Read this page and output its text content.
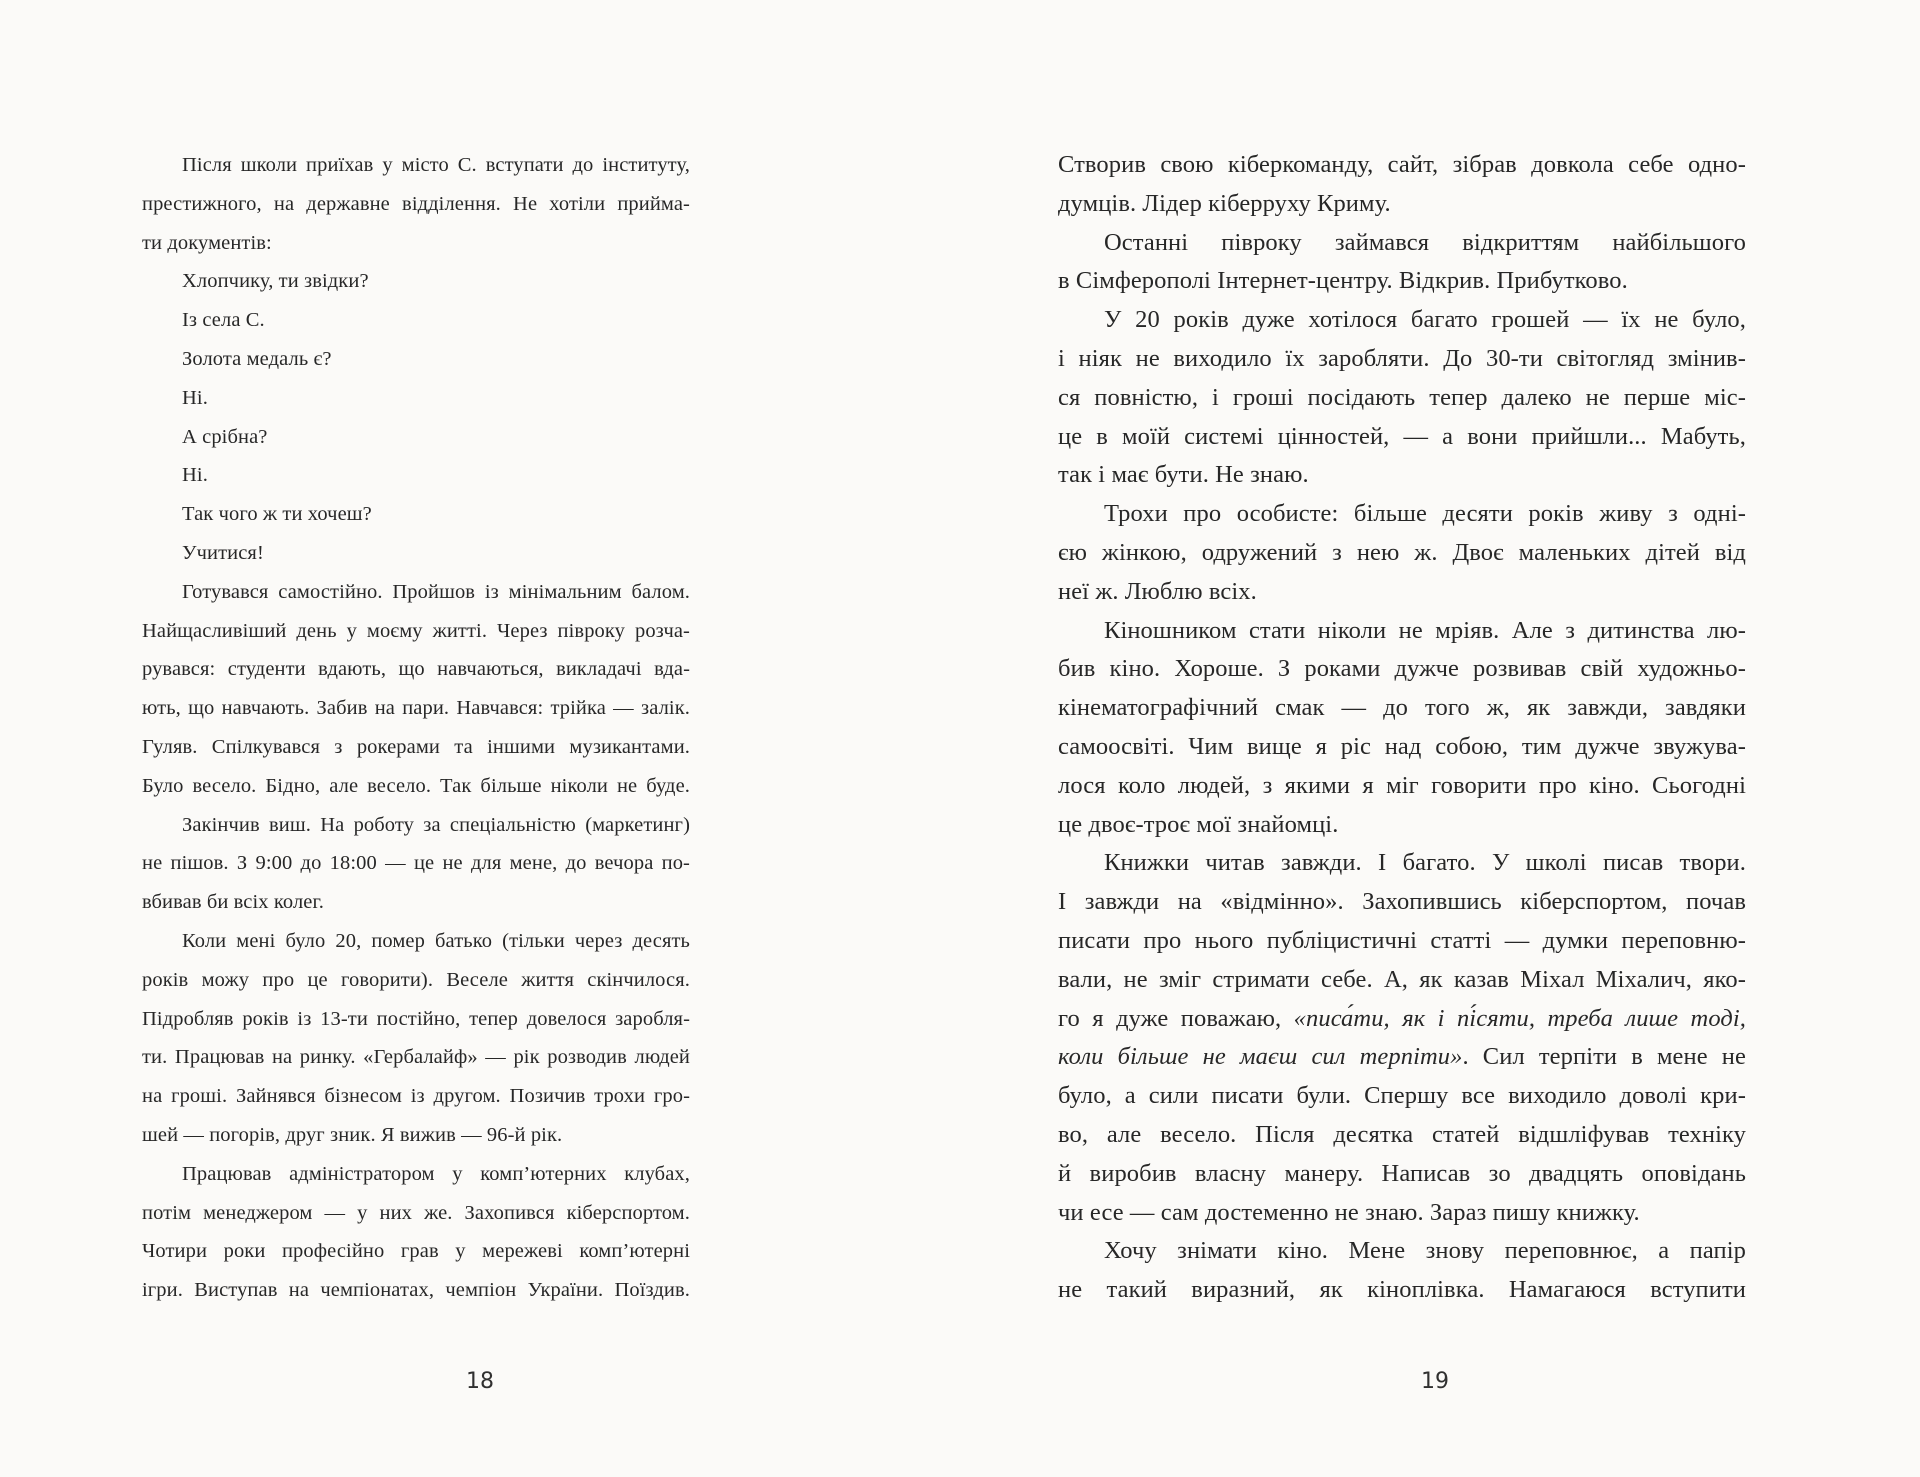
Після школи приїхав у місто С. вступати до інституту,
престижного, на державне відділення. Не хотіли прийма-
ти документів:
Хлопчику, ти звідки?
Із села С.
Золота медаль є?
Ні.
А срібна?
Ні.
Так чого ж ти хочеш?
Учитися!
Готувався самостійно. Пройшов із мінімальним балом.
Найщасливіший день у моєму житті. Через півроку розча-
рувався: студенти вдають, що навчаються, викладачі вда-
ють, що навчають. Забив на пари. Навчався: трійка — залік.
Гуляв. Спілкувався з рокерами та іншими музикантами.
Було весело. Бідно, але весело. Так більше ніколи не буде.
Закінчив виш. На роботу за спеціальністю (маркетинг)
не пішов. З 9:00 до 18:00 — це не для мене, до вечора по-
вбивав би всіх колег.
Коли мені було 20, помер батько (тільки через десять
років можу про це говорити). Веселе життя скінчилося.
Підробляв років із 13-ти постійно, тепер довелося заробля-
ти. Працював на ринку. «Гербалайф» — рік розводив людей
на гроші. Зайнявся бізнесом із другом. Позичив трохи гро-
шей — погорів, друг зник. Я вижив — 96-й рік.
Працював адміністратором у комп’ютерних клубах,
потім менеджером — у них же. Захопився кіберспортом.
Чотири роки професійно грав у мережеві комп’ютерні
ігри. Виступав на чемпіонатах, чемпіон України. Поїздив.
18
Створив свою кіберкоманду, сайт, зібрав довкола себе одно-
думців. Лідер кіберруху Криму.
Останні півроку займався відкриттям найбільшого
в Сімферополі Інтернет-центру. Відкрив. Прибутково.
У 20 років дуже хотілося багато грошей — їх не було,
і ніяк не виходило їх заробляти. До 30-ти світогляд змінив-
ся повністю, і гроші посідають тепер далеко не перше міс-
це в моїй системі цінностей, — а вони прийшли... Мабуть,
так і має бути. Не знаю.
Трохи про особисте: більше десяти років живу з одні-
єю жінкою, одружений з нею ж. Двоє маленьких дітей від
неї ж. Люблю всіх.
Кіношником стати ніколи не мріяв. Але з дитинства лю-
бив кіно. Хороше. З роками дужче розвивав свій художньо-
кінематографічний смак — до того ж, як завжди, завдяки
самоосвіті. Чим вище я ріс над собою, тим дужче звужува-
лося коло людей, з якими я міг говорити про кіно. Сьогодні
це двоє-троє мої знайомці.
Книжки читав завжди. І багато. У школі писав твори.
І завжди на «відмінно». Захопившись кіберспортом, почав
писати про нього публіцистичні статті — думки переповню-
вали, не зміг стримати себе. А, як казав Міхал Міхалич, яко-
го я дуже поважаю, «писа́ти, як і пі́сяти, треба лише тоді,
коли більше не маєш сил терпіти». Сил терпіти в мене не
було, а сили писати були. Спершу все виходило доволі кри-
во, але весело. Після десятка статей відшліфував техніку
й виробив власну манеру. Написав зо двадцять оповідань
чи есе — сам достеменно не знаю. Зараз пишу книжку.
Хочу знімати кіно. Мене знову переповнює, а папір
не такий виразний, як кіноплівка. Намагаюся вступити
19
